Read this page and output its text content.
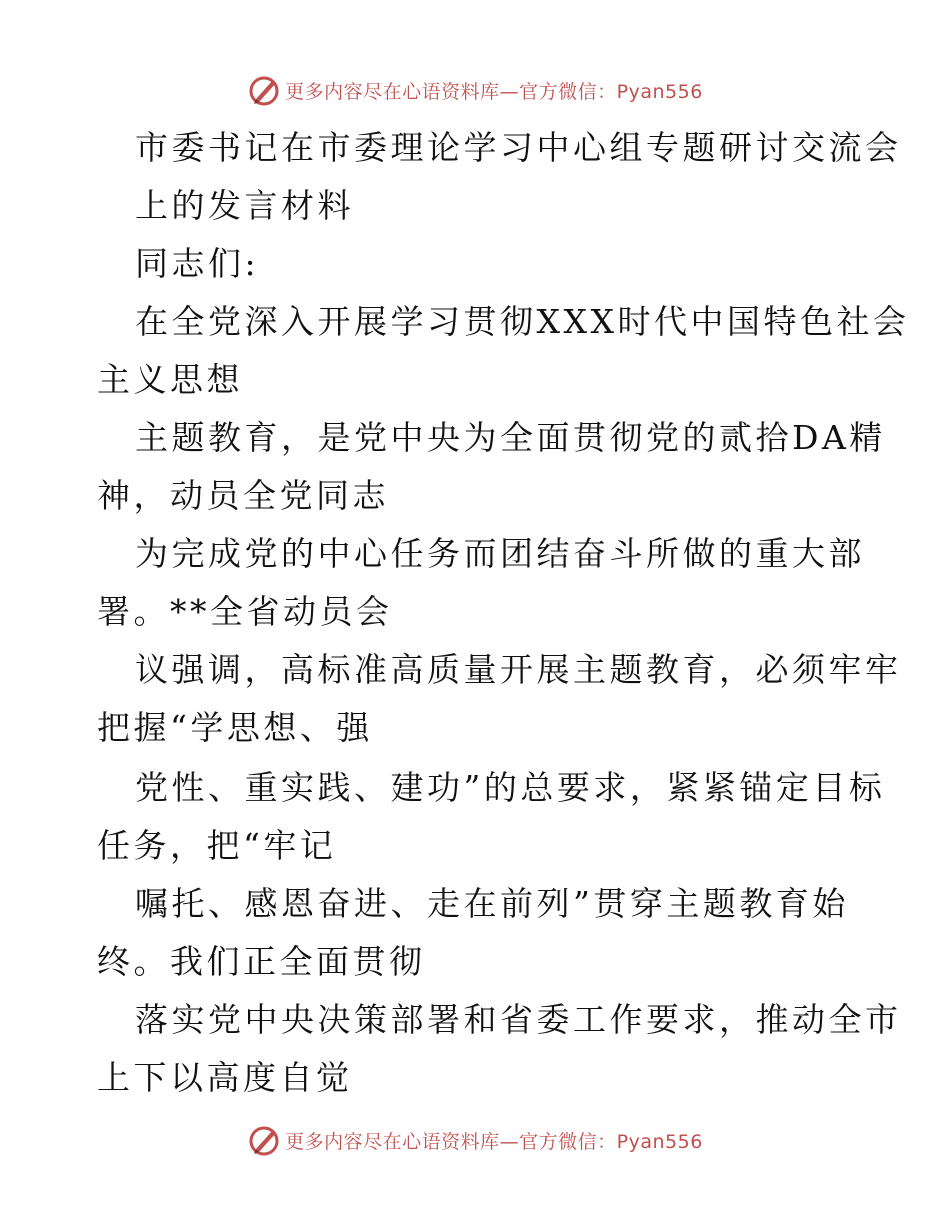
更多内容尽在心语资料库—官方微信：Pyan556
市委书记在市委理论学习中心组专题研讨交流会
上的发言材料
同志们:
在全党深入开展学习贯彻XXX时代中国特色社会
主义思想
主题教育，是党中央为全面贯彻党的贰拾DA精
神，动员全党同志
为完成党的中心任务而团结奋斗所做的重大部
署。**全省动员会
议强调，高标准高质量开展主题教育，必须牢牢
把握“学思想、强
党性、重实践、建功”的总要求，紧紧锚定目标
任务，把“牢记
嘱托、感恩奋进、走在前列”贯穿主题教育始
终。我们正全面贯彻
落实党中央决策部署和省委工作要求，推动全市
上下以高度自觉
更多内容尽在心语资料库—官方微信：Pyan556
